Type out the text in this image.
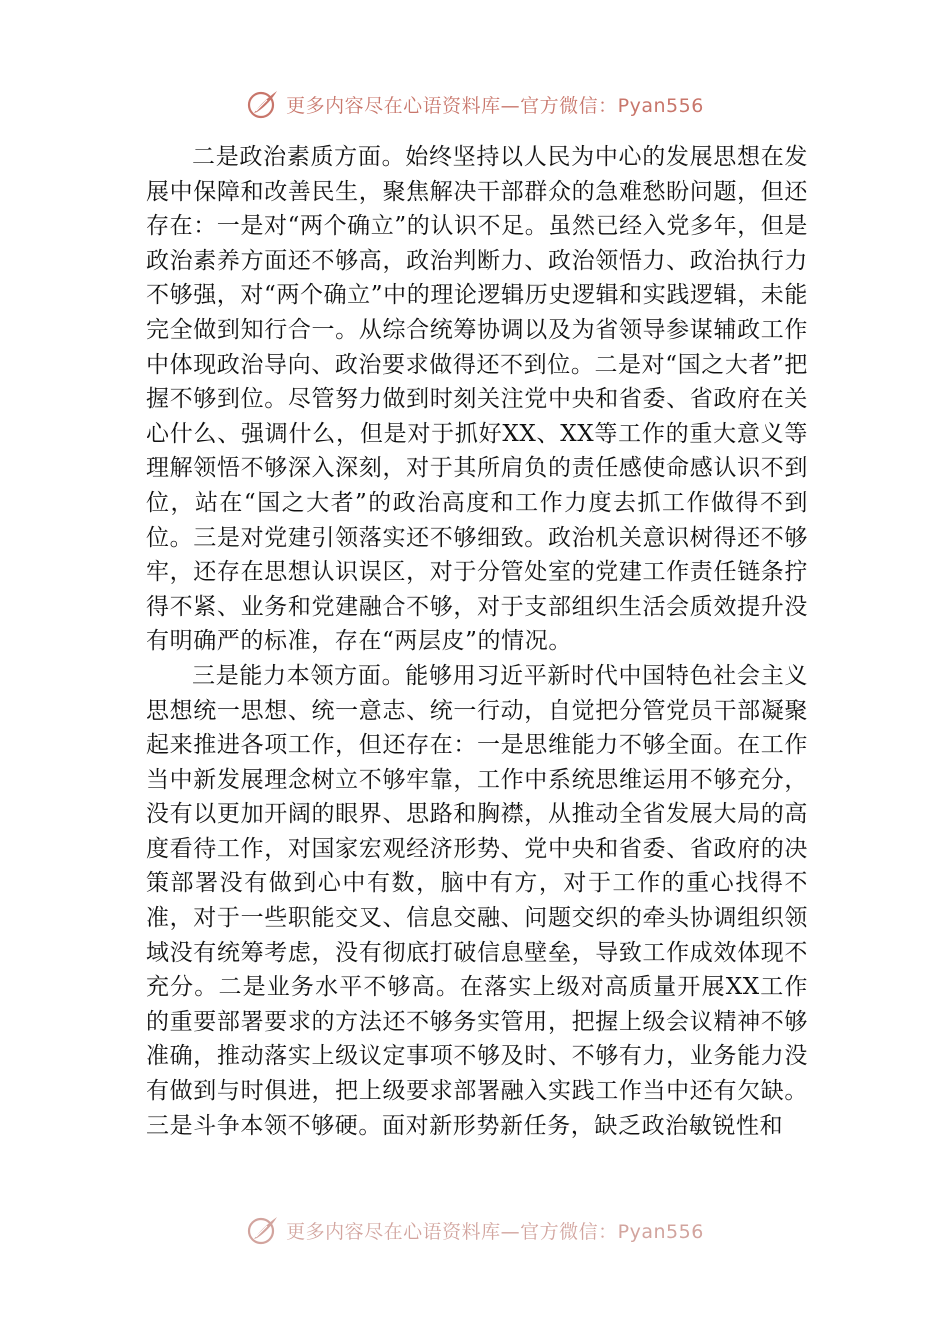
更多内容尽在心语资料库—官方微信：Pyan556

二是政治素质方面。始终坚持以人民为中心的发展思想在发展中保障和改善民生，聚焦解决干部群众的急难愁盼问题，但还存在：一是对“两个确立”的认识不足。虽然已经入党多年，但是政治素养方面还不够高，政治判断力、政治领悟力、政治执行力不够强，对“两个确立”中的理论逻辑历史逻辑和实践逻辑，未能完全做到知行合一。从综合统筹协调以及为省领导参谋辅政工作中体现政治导向、政治要求做得还不到位。二是对“国之大者”把握不够到位。尽管努力做到时刻关注党中央和省委、省政府在关心什么、强调什么，但是对于抓好XX、XX等工作的重大意义等理解领悟不够深入深刻，对于其所肩负的责任感使命感认识不到位，站在“国之大者”的政治高度和工作力度去抓工作做得不到位。三是对党建引领落实还不够细致。政治机关意识树得还不够牢，还存在思想认识误区，对于分管处室的党建工作责任链条拧得不紧、业务和党建融合不够，对于支部组织生活会质效提升没有明确严的标准，存在“两层皮”的情况。

三是能力本领方面。能够用习近平新时代中国特色社会主义思想统一思想、统一意志、统一行动，自觉把分管党员干部凝聚起来推进各项工作，但还存在：一是思维能力不够全面。在工作当中新发展理念树立不够牢靠，工作中系统思维运用不够充分，没有以更加开阔的眼界、思路和胸襟，从推动全省发展大局的高度看待工作，对国家宏观经济形势、党中央和省委、省政府的决策部署没有做到心中有数，脑中有方，对于工作的重心找得不准，对于一些职能交叉、信息交融、问题交织的牵头协调组织领域没有统筹考虑，没有彻底打破信息壁垒，导致工作成效体现不充分。二是业务水平不够高。在落实上级对高质量开展XX工作的重要部署要求的方法还不够务实管用，把握上级会议精神不够准确，推动落实上级议定事项不够及时、不够有力，业务能力没有做到与时俱进，把上级要求部署融入实践工作当中还有欠缺。三是斗争本领不够硬。面对新形势新任务，缺乏政治敏锐性和

更多内容尽在心语资料库—官方微信：Pyan556
